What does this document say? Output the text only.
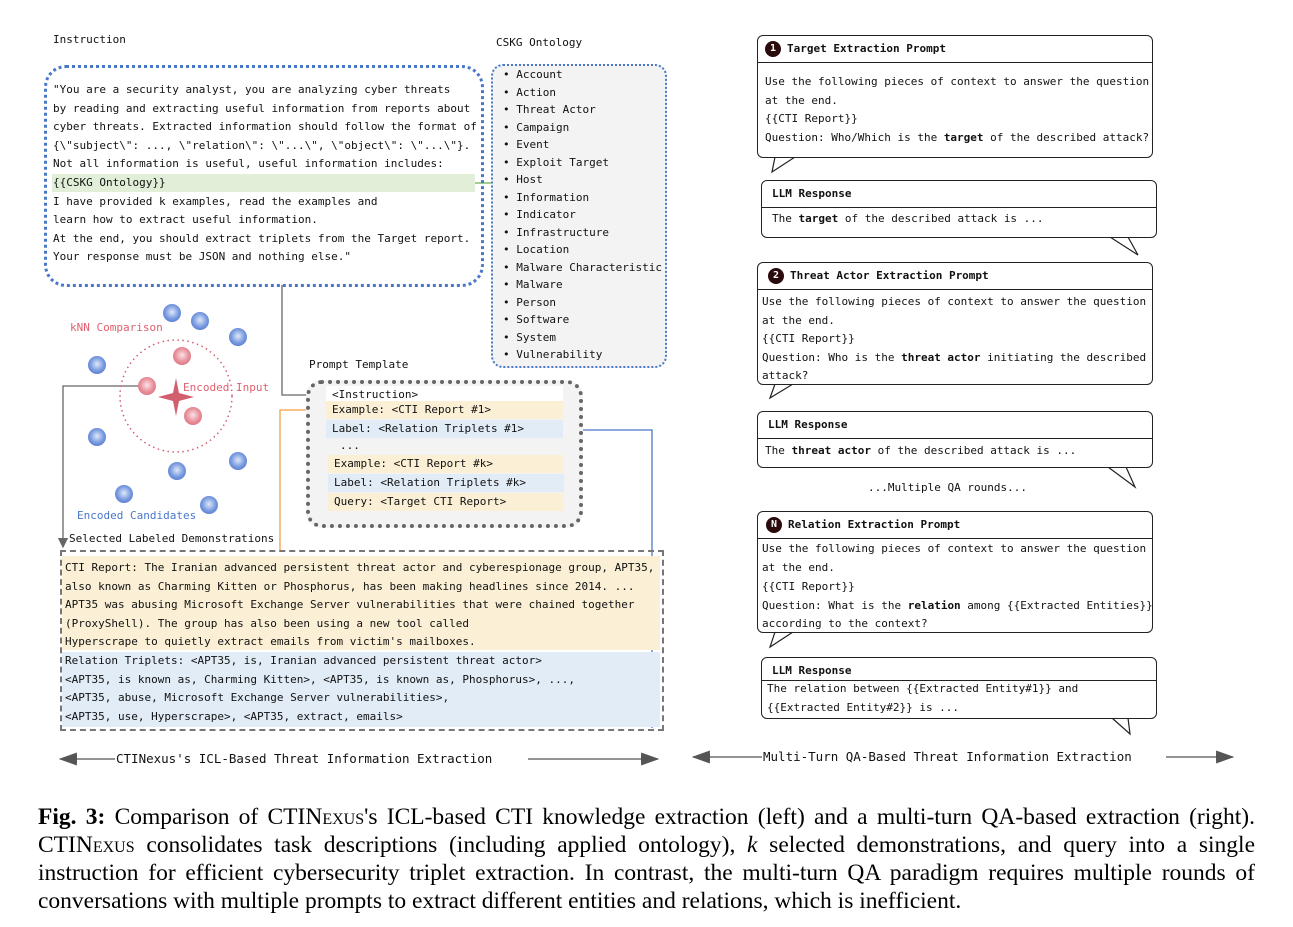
Instruction
"You are a security analyst, you are analyzing cyber threats
by reading and extracting useful information from reports about
cyber threats. Extracted information should follow the format of
{\"subject\": ..., \"relation\": \"...\", \"object\": \"...\"}.
Not all information is useful, useful information includes:
{{CSKG Ontology}}
I have provided k examples, read the examples and
learn how to extract useful information.
At the end, you should extract triplets from the Target report.
Your response must be JSON and nothing else."
CSKG Ontology
• Account
• Action
• Threat Actor
• Campaign
• Event
• Exploit Target
• Host
• Information
• Indicator
• Infrastructure
• Location
• Malware Characteristic
• Malware
• Person
• Software
• System
• Vulnerability
kNN Comparison
Encoded Input
Encoded Candidates
Prompt Template
<Instruction>
Example: <CTI Report #1>
Label: <Relation Triplets #1>
...
Example: <CTI Report #k>
Label: <Relation Triplets #k>
Query: <Target CTI Report>
Selected Labeled Demonstrations
CTI Report: The Iranian advanced persistent threat actor and cyberespionage group, APT35,
also known as Charming Kitten or Phosphorus, has been making headlines since 2014. ...
APT35 was abusing Microsoft Exchange Server vulnerabilities that were chained together
(ProxyShell). The group has also been using a new tool called
Hyperscrape to quietly extract emails from victim's mailboxes.
Relation Triplets: <APT35, is, Iranian advanced persistent threat actor>
<APT35, is known as, Charming Kitten>, <APT35, is known as, Phosphorus>, ...,
<APT35, abuse, Microsoft Exchange Server vulnerabilities>,
<APT35, use, Hyperscrape>, <APT35, extract, emails>
1 Target Extraction Prompt
Use the following pieces of context to answer the question
at the end.
{{CTI Report}}
Question: Who/Which is the target of the described attack?
LLM Response
The target of the described attack is ...
2 Threat Actor Extraction Prompt
Use the following pieces of context to answer the question
at the end.
{{CTI Report}}
Question: Who is the threat actor initiating the described
attack?
LLM Response
The threat actor of the described attack is ...
...Multiple QA rounds...
N Relation Extraction Prompt
Use the following pieces of context to answer the question
at the end.
{{CTI Report}}
Question: What is the relation among {{Extracted Entities}}
according to the context?
LLM Response
The relation between {{Extracted Entity#1}} and
{{Extracted Entity#2}} is ...
CTINexus's ICL-Based Threat Information Extraction	Multi-Turn QA-Based Threat Information Extraction
Fig. 3: Comparison of CTINexus's ICL-based CTI knowledge extraction (left) and a multi-turn QA-based extraction (right). CTINexus consolidates task descriptions (including applied ontology), k selected demonstrations, and query into a single instruction for efficient cybersecurity triplet extraction. In contrast, the multi-turn QA paradigm requires multiple rounds of conversations with multiple prompts to extract different entities and relations, which is inefficient.
